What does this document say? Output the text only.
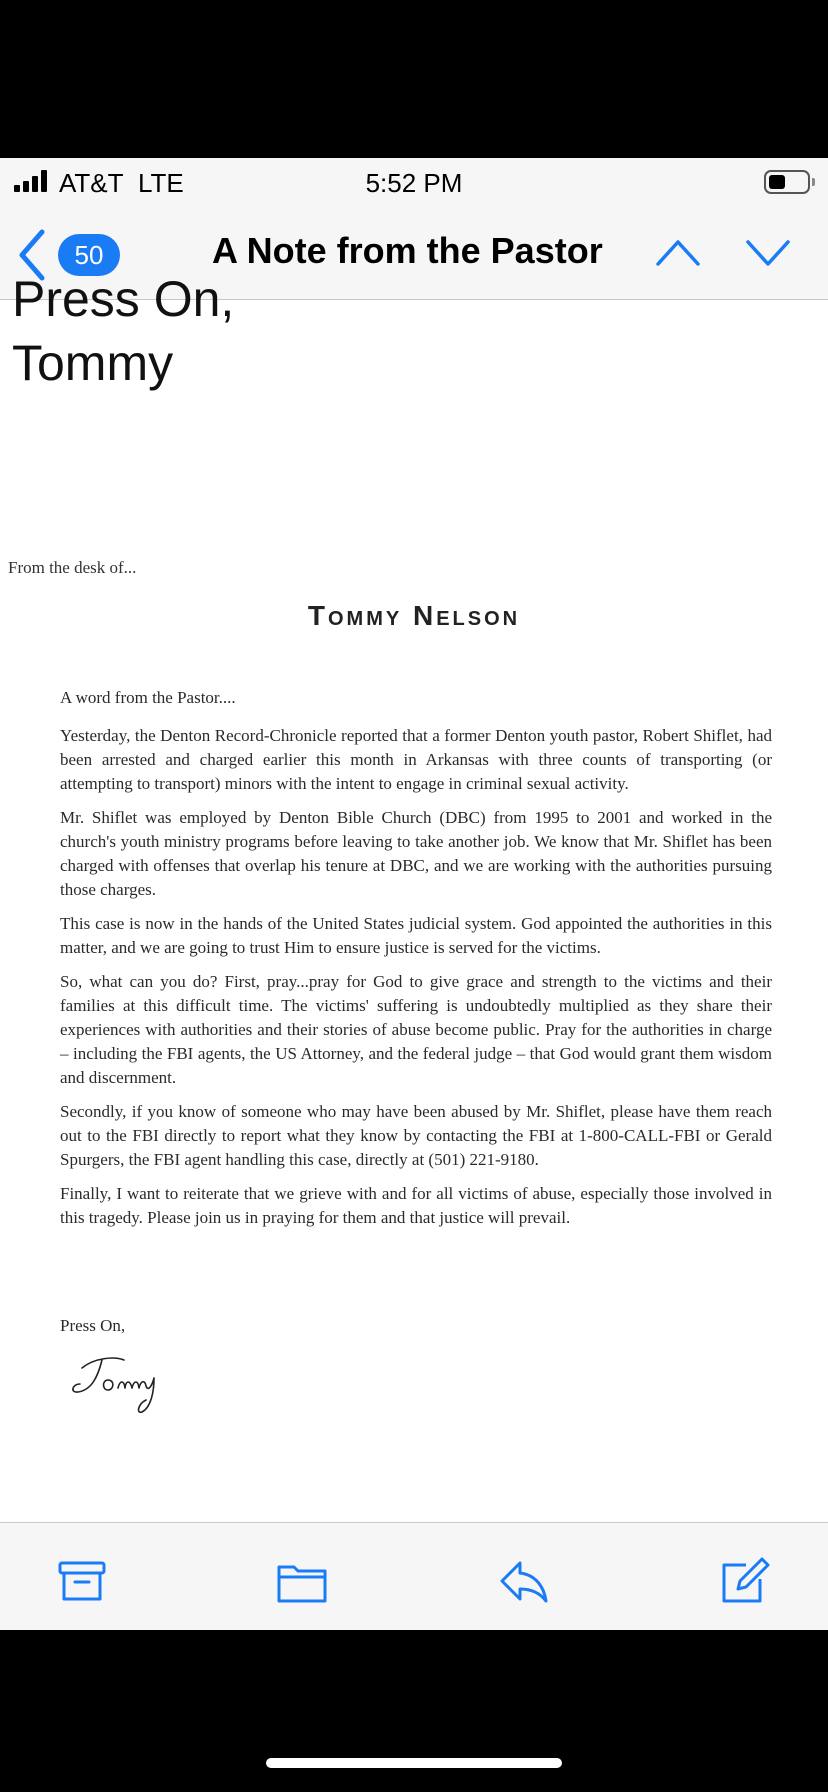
AT&T LTE	5:52 PM
50	A Note from the Pastor
Press On,
Tommy
From the desk of...
Tommy Nelson

A word from the Pastor....

Yesterday, the Denton Record-Chronicle reported that a former Denton youth pastor, Robert Shiflet, had been arrested and charged earlier this month in Arkansas with three counts of transporting (or attempting to transport) minors with the intent to engage in criminal sexual activity.

Mr. Shiflet was employed by Denton Bible Church (DBC) from 1995 to 2001 and worked in the church's youth ministry programs before leaving to take another job. We know that Mr. Shiflet has been charged with offenses that overlap his tenure at DBC, and we are working with the authorities pursuing those charges.

This case is now in the hands of the United States judicial system. God appointed the authorities in this matter, and we are going to trust Him to ensure justice is served for the victims.

So, what can you do? First, pray...pray for God to give grace and strength to the victims and their families at this difficult time. The victims' suffering is undoubtedly multiplied as they share their experiences with authorities and their stories of abuse become public. Pray for the authorities in charge – including the FBI agents, the US Attorney, and the federal judge – that God would grant them wisdom and discernment.

Secondly, if you know of someone who may have been abused by Mr. Shiflet, please have them reach out to the FBI directly to report what they know by contacting the FBI at 1-800-CALL-FBI or Gerald Spurgers, the FBI agent handling this case, directly at (501) 221-9180.

Finally, I want to reiterate that we grieve with and for all victims of abuse, especially those involved in this tragedy. Please join us in praying for them and that justice will prevail.

Press On,
